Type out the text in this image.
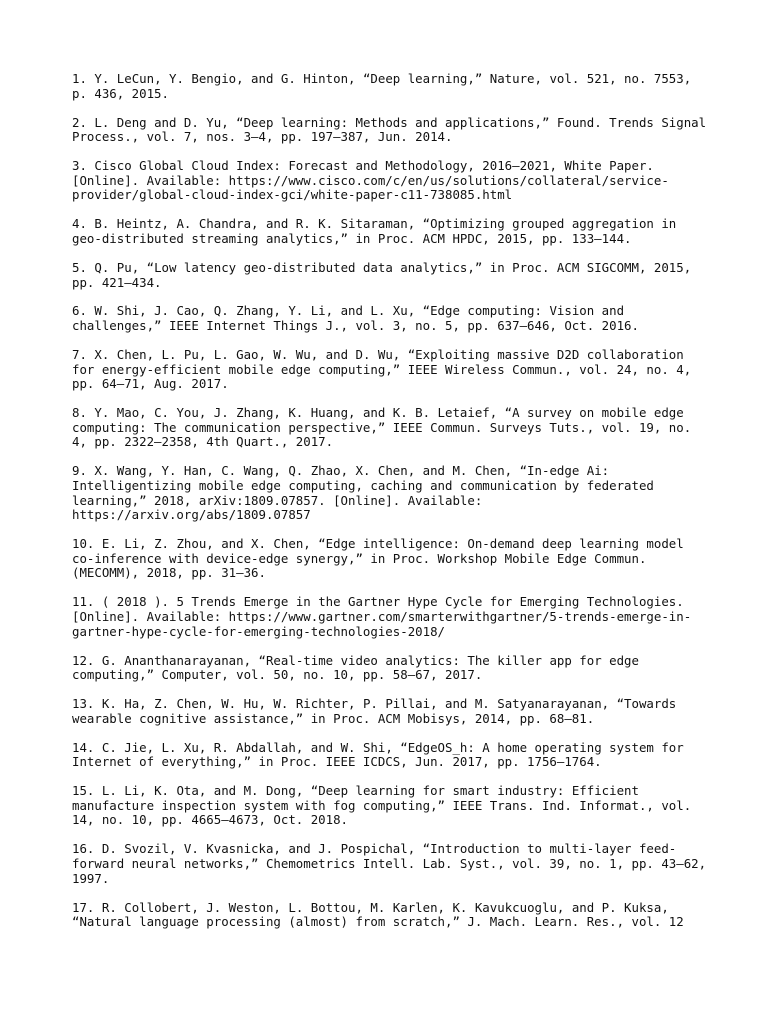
1. Y. LeCun, Y. Bengio, and G. Hinton, “Deep learning,” Nature, vol. 521, no. 7553, p. 436, 2015.

2. L. Deng and D. Yu, “Deep learning: Methods and applications,” Found. Trends Signal Process., vol. 7, nos. 3–4, pp. 197–387, Jun. 2014.

3. Cisco Global Cloud Index: Forecast and Methodology, 2016–2021, White Paper. [Online]. Available: https://www.cisco.com/c/en/us/solutions/collateral/service-provider/global-cloud-index-gci/white-paper-c11-738085.html

4. B. Heintz, A. Chandra, and R. K. Sitaraman, “Optimizing grouped aggregation in geo-distributed streaming analytics,” in Proc. ACM HPDC, 2015, pp. 133–144.

5. Q. Pu, “Low latency geo-distributed data analytics,” in Proc. ACM SIGCOMM, 2015, pp. 421–434.

6. W. Shi, J. Cao, Q. Zhang, Y. Li, and L. Xu, “Edge computing: Vision and challenges,” IEEE Internet Things J., vol. 3, no. 5, pp. 637–646, Oct. 2016.

7. X. Chen, L. Pu, L. Gao, W. Wu, and D. Wu, “Exploiting massive D2D collaboration for energy-efficient mobile edge computing,” IEEE Wireless Commun., vol. 24, no. 4, pp. 64–71, Aug. 2017.

8. Y. Mao, C. You, J. Zhang, K. Huang, and K. B. Letaief, “A survey on mobile edge computing: The communication perspective,” IEEE Commun. Surveys Tuts., vol. 19, no. 4, pp. 2322–2358, 4th Quart., 2017.

9. X. Wang, Y. Han, C. Wang, Q. Zhao, X. Chen, and M. Chen, “In-edge Ai: Intelligentizing mobile edge computing, caching and communication by federated learning,” 2018, arXiv:1809.07857. [Online]. Available: https://arxiv.org/abs/1809.07857

10. E. Li, Z. Zhou, and X. Chen, “Edge intelligence: On-demand deep learning model co-inference with device-edge synergy,” in Proc. Workshop Mobile Edge Commun. (MECOMM), 2018, pp. 31–36.

11. ( 2018 ). 5 Trends Emerge in the Gartner Hype Cycle for Emerging Technologies. [Online]. Available: https://www.gartner.com/smarterwithgartner/5-trends-emerge-in-gartner-hype-cycle-for-emerging-technologies-2018/

12. G. Ananthanarayanan, “Real-time video analytics: The killer app for edge computing,” Computer, vol. 50, no. 10, pp. 58–67, 2017.

13. K. Ha, Z. Chen, W. Hu, W. Richter, P. Pillai, and M. Satyanarayanan, “Towards wearable cognitive assistance,” in Proc. ACM Mobisys, 2014, pp. 68–81.

14. C. Jie, L. Xu, R. Abdallah, and W. Shi, “EdgeOS_h: A home operating system for Internet of everything,” in Proc. IEEE ICDCS, Jun. 2017, pp. 1756–1764.

15. L. Li, K. Ota, and M. Dong, “Deep learning for smart industry: Efficient manufacture inspection system with fog computing,” IEEE Trans. Ind. Informat., vol. 14, no. 10, pp. 4665–4673, Oct. 2018.

16. D. Svozil, V. Kvasnicka, and J. Pospichal, “Introduction to multi-layer feed-forward neural networks,” Chemometrics Intell. Lab. Syst., vol. 39, no. 1, pp. 43–62, 1997.

17. R. Collobert, J. Weston, L. Bottou, M. Karlen, K. Kavukcuoglu, and P. Kuksa, “Natural language processing (almost) from scratch,” J. Mach. Learn. Res., vol. 12
